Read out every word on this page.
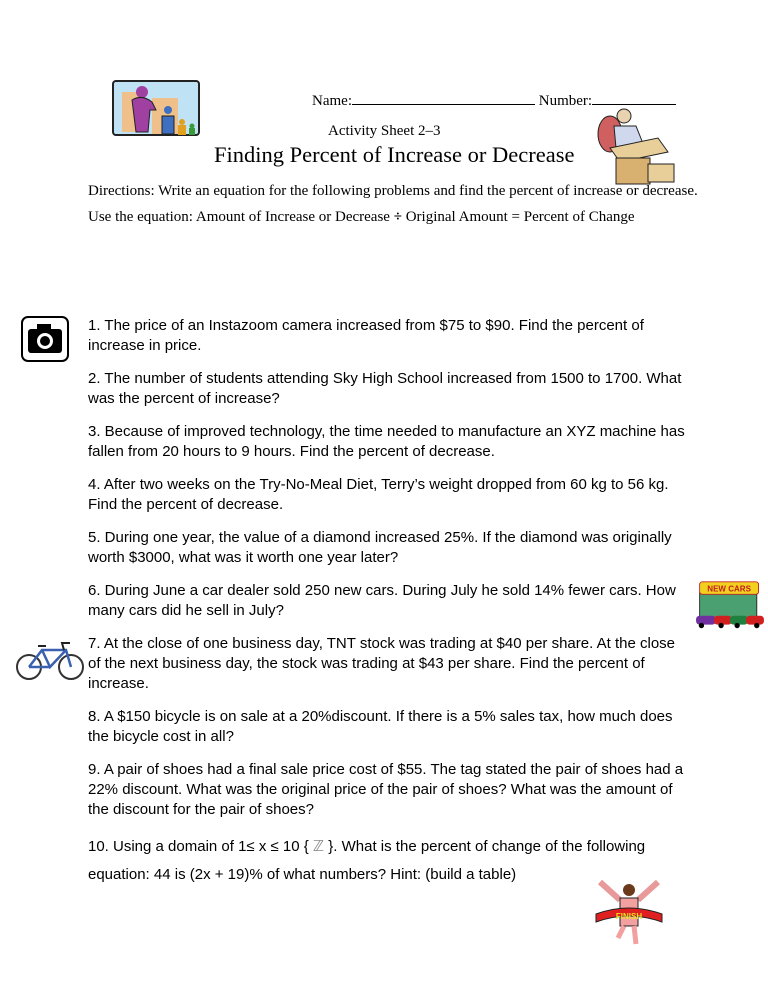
Name:	Number:
Activity Sheet 2–3
Finding Percent of Increase or Decrease
Directions: Write an equation for the following problems and find the percent of increase or decrease. Use the equation: Amount of Increase or Decrease ÷ Original Amount = Percent of Change
1. The price of an Instazoom camera increased from $75 to $90. Find the percent of increase in price.
2. The number of students attending Sky High School increased from 1500 to 1700. What was the percent of increase?
3. Because of improved technology, the time needed to manufacture an XYZ machine has fallen from 20 hours to 9 hours. Find the percent of decrease.
4. After two weeks on the Try-No-Meal Diet, Terry’s weight dropped from 60 kg to 56 kg. Find the percent of decrease.
5. During one year, the value of a diamond increased 25%. If the diamond was originally worth $3000, what was it worth one year later?
6. During June a car dealer sold 250 new cars. During July he sold 14% fewer cars. How many cars did he sell in July?
7. At the close of one business day, TNT stock was trading at $40 per share. At the close of the next business day, the stock was trading at $43 per share. Find the percent of increase.
8. A $150 bicycle is on sale at a 20%discount. If there is a 5% sales tax, how much does the bicycle cost in all?
9. A pair of shoes had a final sale price cost of $55. The tag stated the pair of shoes had a 22% discount. What was the original price of the pair of shoes? What was the amount of the discount for the pair of shoes?
10. Using a domain of 1≤ x ≤ 10 { ℤ }. What is the percent of change of the following equation: 44 is (2x + 19)% of what numbers? Hint: (build a table)
NEW CARS
FINISH
